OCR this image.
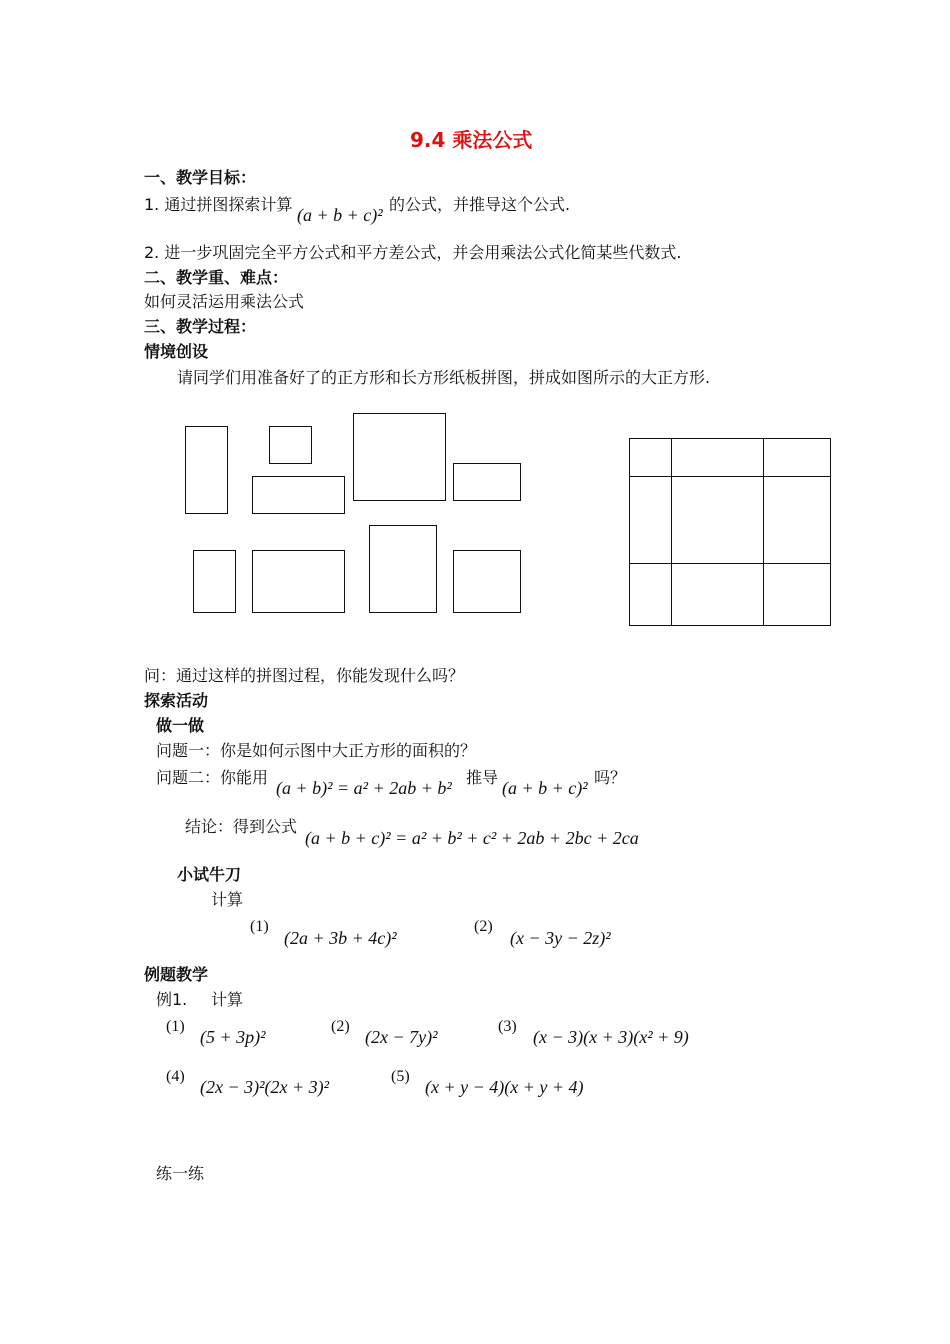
9.4 乘法公式
一、教学目标：
1. 通过拼图探索计算
(a + b + c)²
的公式，并推导这个公式.
2. 进一步巩固完全平方公式和平方差公式，并会用乘法公式化简某些代数式.
二、教学重、难点：
如何灵活运用乘法公式
三、教学过程：
情境创设
请同学们用准备好了的正方形和长方形纸板拼图，拼成如图所示的大正方形.
问：通过这样的拼图过程，你能发现什么吗？
探索活动
做一做
问题一：你是如何示图中大正方形的面积的？
问题二：你能用
(a + b)² = a² + 2ab + b²
推导
(a + b + c)²
吗？
结论：得到公式
(a + b + c)² = a² + b² + c² + 2ab + 2bc + 2ca
小试牛刀
计算
(1)
(2a + 3b + 4c)²
(2)
(x − 3y − 2z)²
例题教学
例1. 计算
(1)
(5 + 3p)²
(2)
(2x − 7y)²
(3)
(x − 3)(x + 3)(x² + 9)
(4)
(2x − 3)²(2x + 3)²
(5)
(x + y − 4)(x + y + 4)
练一练
